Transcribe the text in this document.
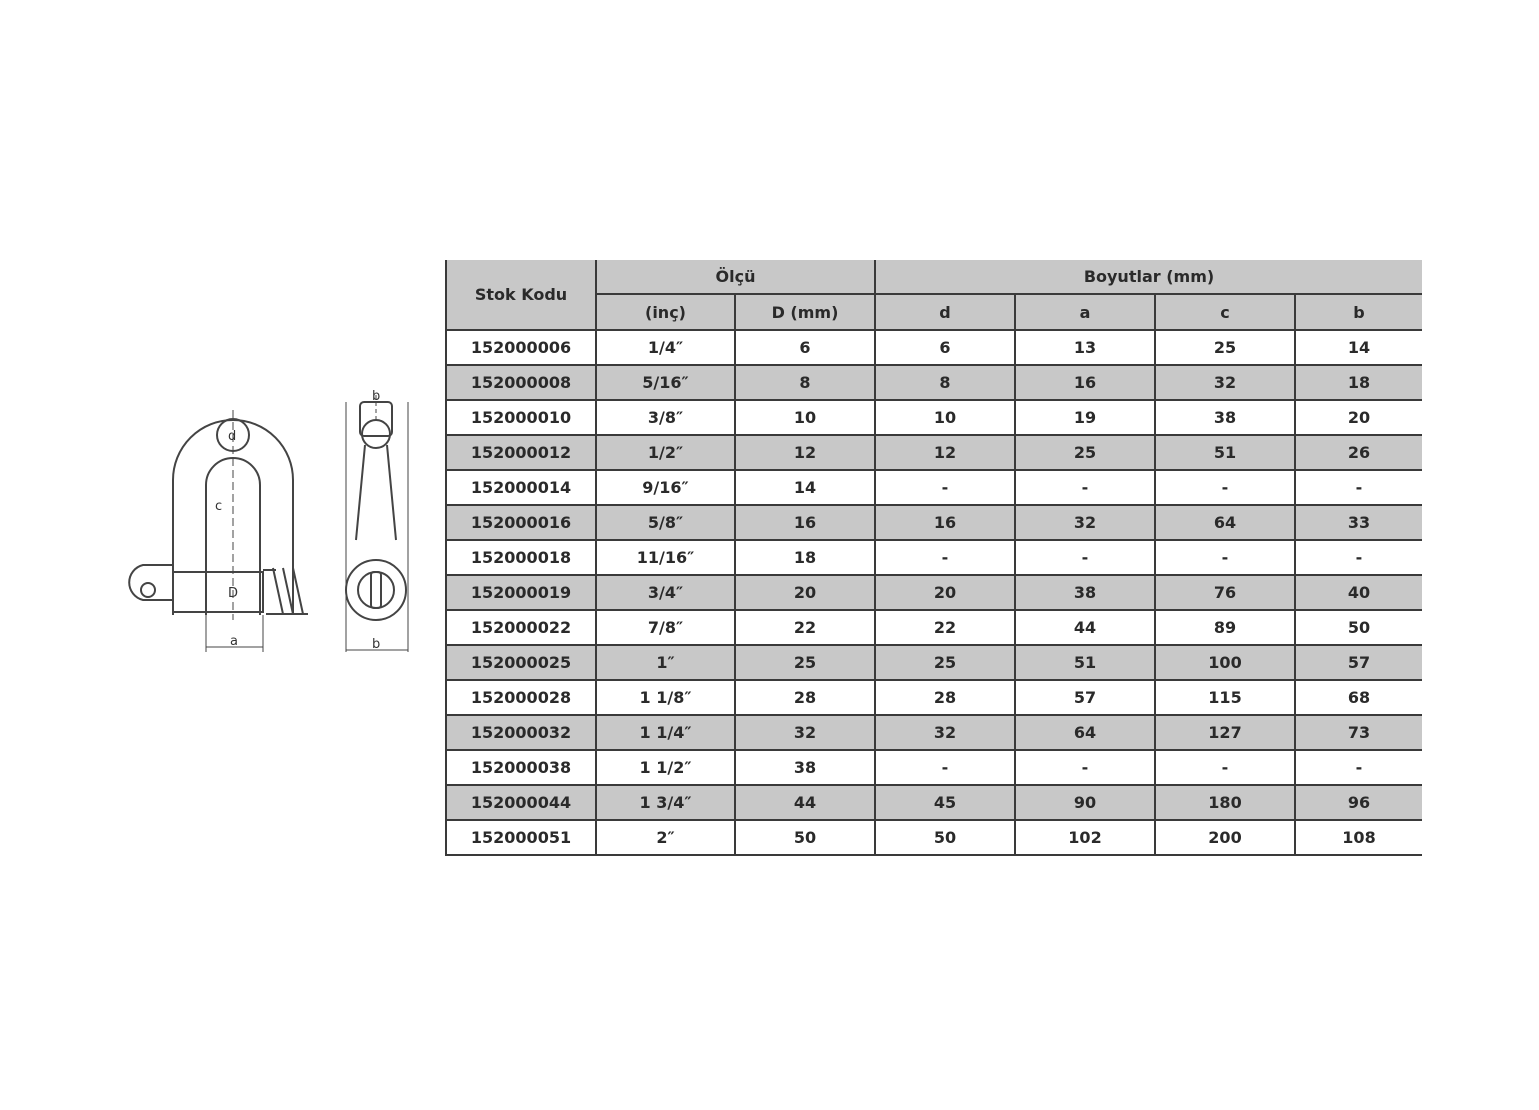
d
c
D
a
b
b
Stok Kodu	Ölçü		Boyutlar (mm)			
	(inç)	D (mm)	d	a	c	b
152000006	1/4″	6	6	13	25	14
152000008	5/16″	8	8	16	32	18
152000010	3/8″	10	10	19	38	20
152000012	1/2″	12	12	25	51	26
152000014	9/16″	14	-	-	-	-
152000016	5/8″	16	16	32	64	33
152000018	11/16″	18	-	-	-	-
152000019	3/4″	20	20	38	76	40
152000022	7/8″	22	22	44	89	50
152000025	1″	25	25	51	100	57
152000028	1 1/8″	28	28	57	115	68
152000032	1 1/4″	32	32	64	127	73
152000038	1 1/2″	38	-	-	-	-
152000044	1 3/4″	44	45	90	180	96
152000051	2″	50	50	102	200	108
